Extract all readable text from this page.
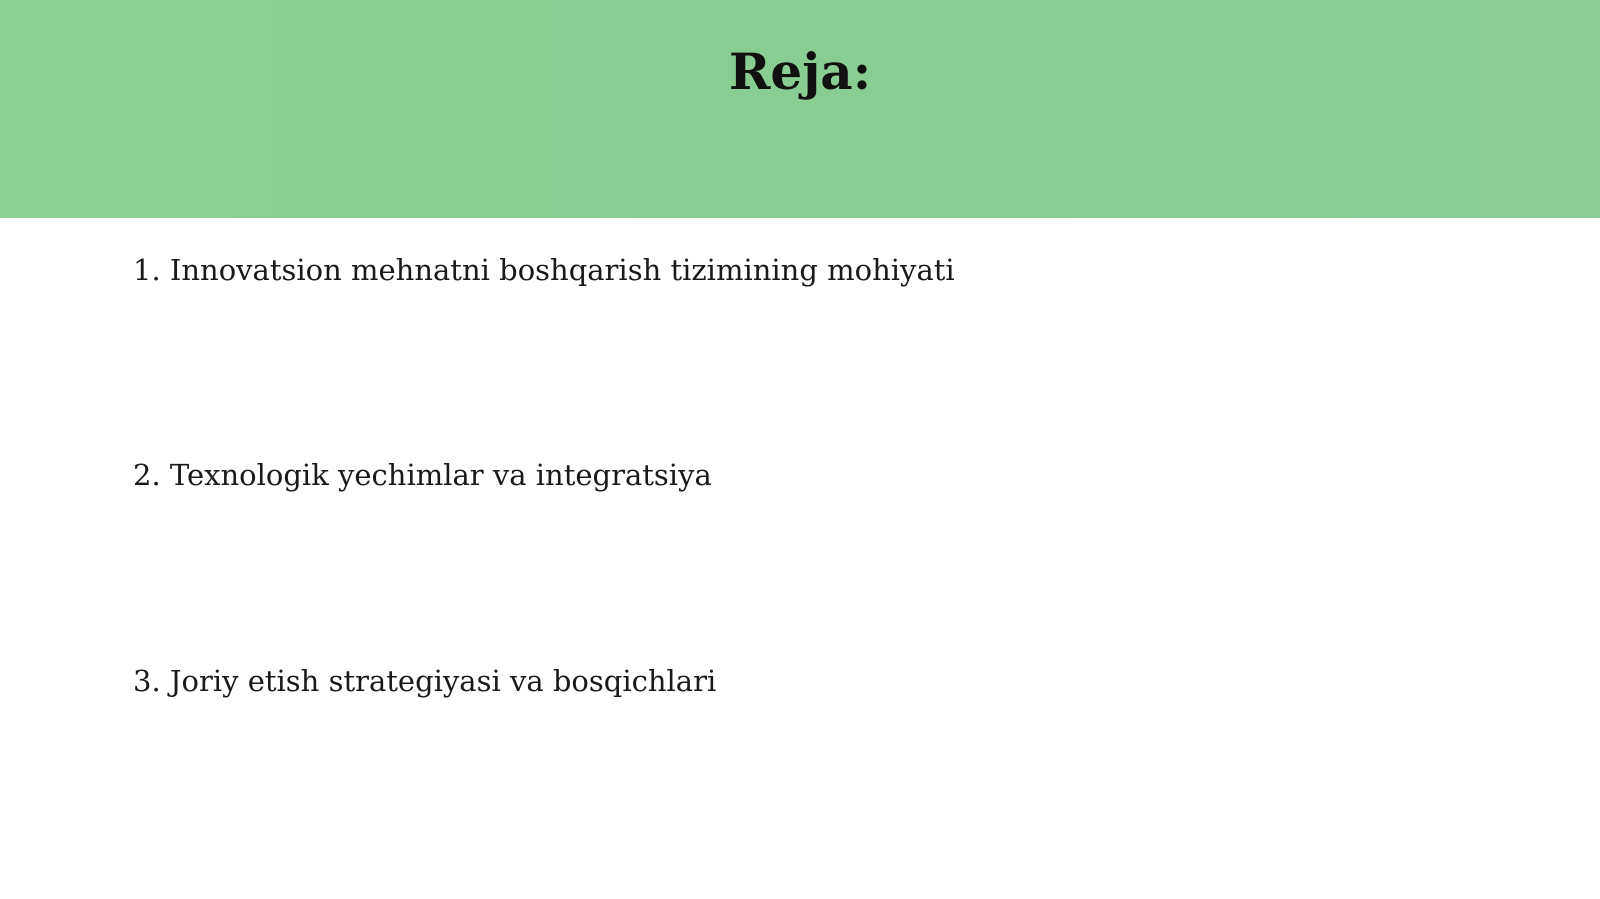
Reja:
1. Innovatsion mehnatni boshqarish tizimining mohiyati
2. Texnologik yechimlar va integratsiya
3. Joriy etish strategiyasi va bosqichlari
